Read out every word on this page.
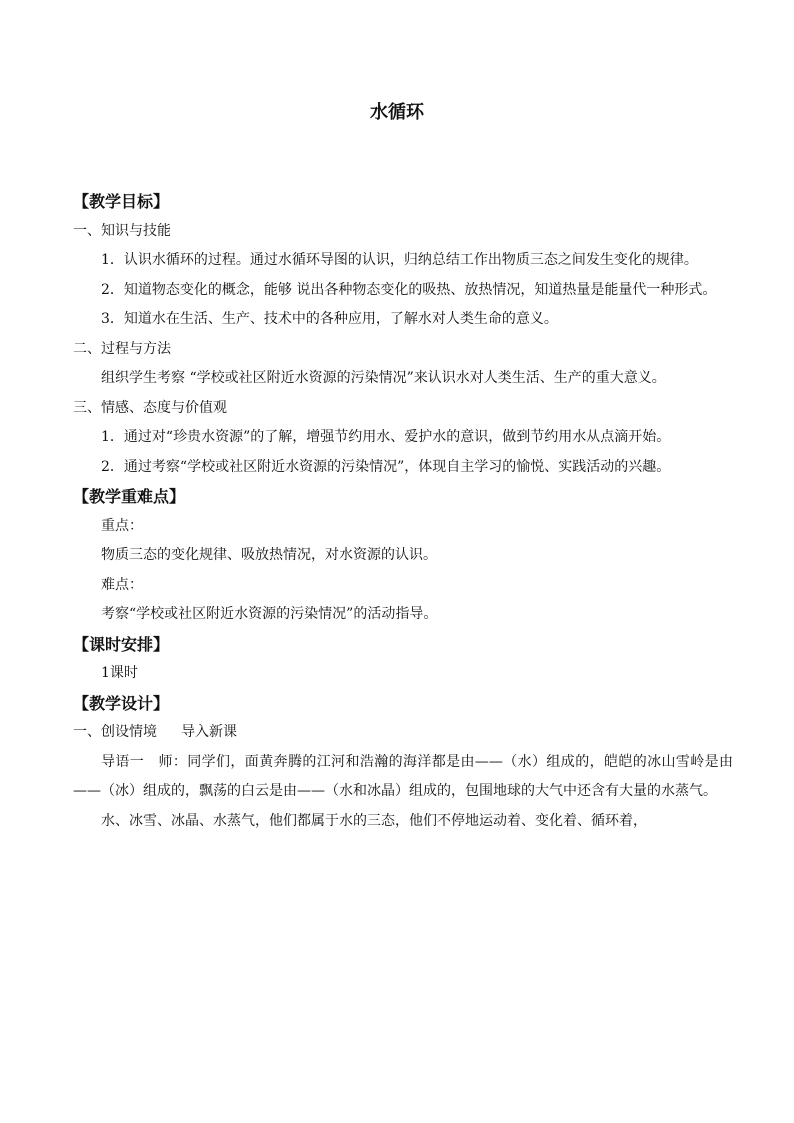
水循环
【教学目标】
一、知识与技能

1．认识水循环的过程。通过水循环导图的认识，归纳总结工作出物质三态之间发生变化的规律。

2．知道物态变化的概念，能够 说出各种物态变化的吸热、放热情况，知道热量是能量代一种形式。

3．知道水在生活、生产、技术中的各种应用，了解水对人类生命的意义。

二、过程与方法

组织学生考察 “学校或社区附近水资源的污染情况”来认识水对人类生活、生产的重大意义。

三、情感、态度与价值观

1．通过对“珍贵水资源”的了解，增强节约用水、爱护水的意识，做到节约用水从点滴开始。

2．通过考察“学校或社区附近水资源的污染情况”，体现自主学习的愉悦、实践活动的兴趣。

【教学重难点】
重点：
物质三态的变化规律、吸放热情况，对水资源的认识。
难点：
考察“学校或社区附近水资源的污染情况”的活动指导。
【课时安排】
1课时
【教学设计】
一、创设情境 导入新课

导语一　师：同学们，面黄奔腾的江河和浩瀚的海洋都是由——（水）组成的，皑皑的冰山雪岭是由——（冰）组成的，飘荡的白云是由——（水和冰晶）组成的，包围地球的大气中还含有大量的水蒸气。

水、冰雪、冰晶、水蒸气，他们都属于水的三态，他们不停地运动着、变化着、循环着，
